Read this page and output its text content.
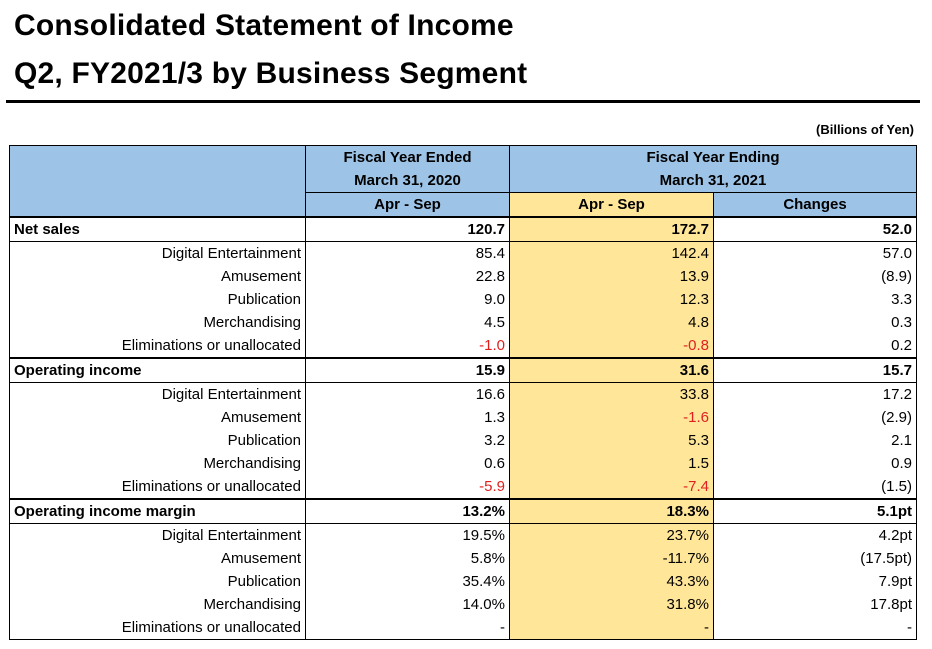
Consolidated Statement of Income
Q2, FY2021/3 by Business Segment
(Billions of Yen)
	Fiscal Year Ended	Fiscal Year Ending	
	March 31, 2020	March 31, 2021	
	Apr - Sep	Apr - Sep	Changes
Net sales	120.7	172.7	52.0
Digital Entertainment	85.4	142.4	57.0
Amusement	22.8	13.9	(8.9)
Publication	9.0	12.3	3.3
Merchandising	4.5	4.8	0.3
Eliminations or unallocated	-1.0	-0.8	0.2
Operating income	15.9	31.6	15.7
Digital Entertainment	16.6	33.8	17.2
Amusement	1.3	-1.6	(2.9)
Publication	3.2	5.3	2.1
Merchandising	0.6	1.5	0.9
Eliminations or unallocated	-5.9	-7.4	(1.5)
Operating income margin	13.2%	18.3%	5.1pt
Digital Entertainment	19.5%	23.7%	4.2pt
Amusement	5.8%	-11.7%	(17.5pt)
Publication	35.4%	43.3%	7.9pt
Merchandising	14.0%	31.8%	17.8pt
Eliminations or unallocated	-	-	-
